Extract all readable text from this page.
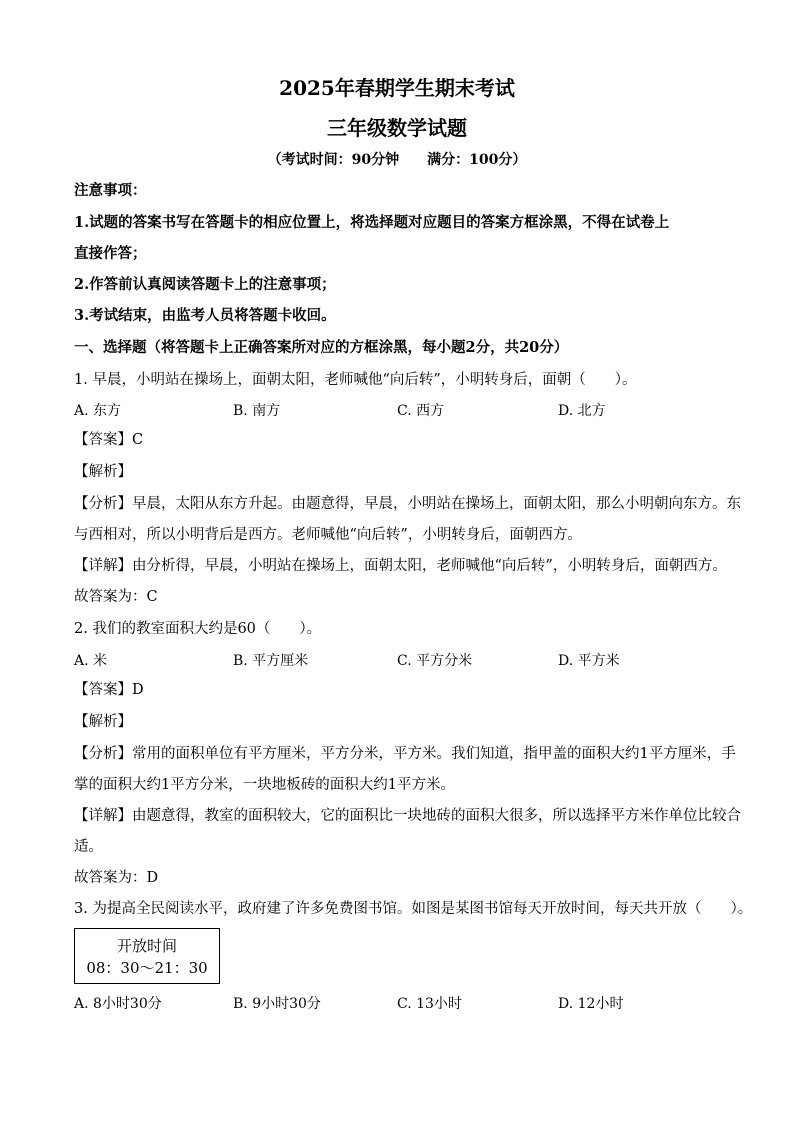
2025年春期学生期末考试
三年级数学试题
（考试时间：90分钟　　满分：100分）
注意事项：
1.试题的答案书写在答题卡的相应位置上，将选择题对应题目的答案方框涂黑，不得在试卷上
直接作答；
2.作答前认真阅读答题卡上的注意事项；
3.考试结束，由监考人员将答题卡收回。
一、选择题（将答题卡上正确答案所对应的方框涂黑，每小题2分，共20分）
1. 早晨，小明站在操场上，面朝太阳，老师喊他“向后转”，小明转身后，面朝（　　）。
A. 东方	B. 南方	C. 西方	D. 北方
【答案】C
【解析】
【分析】早晨，太阳从东方升起。由题意得，早晨，小明站在操场上，面朝太阳，那么小明朝向东方。东
与西相对，所以小明背后是西方。老师喊他“向后转”，小明转身后，面朝西方。
【详解】由分析得，早晨，小明站在操场上，面朝太阳，老师喊他“向后转”，小明转身后，面朝西方。
故答案为：C
2. 我们的教室面积大约是60（　　）。
A. 米	B. 平方厘米	C. 平方分米	D. 平方米
【答案】D
【解析】
【分析】常用的面积单位有平方厘米，平方分米，平方米。我们知道，指甲盖的面积大约1平方厘米，手
掌的面积大约1平方分米，一块地板砖的面积大约1平方米。
【详解】由题意得，教室的面积较大，它的面积比一块地砖的面积大很多，所以选择平方米作单位比较合
适。
故答案为：D
3. 为提高全民阅读水平，政府建了许多免费图书馆。如图是某图书馆每天开放时间，每天共开放（　　）。
开放时间
08：30～21：30
A. 8小时30分	B. 9小时30分	C. 13小时	D. 12小时
